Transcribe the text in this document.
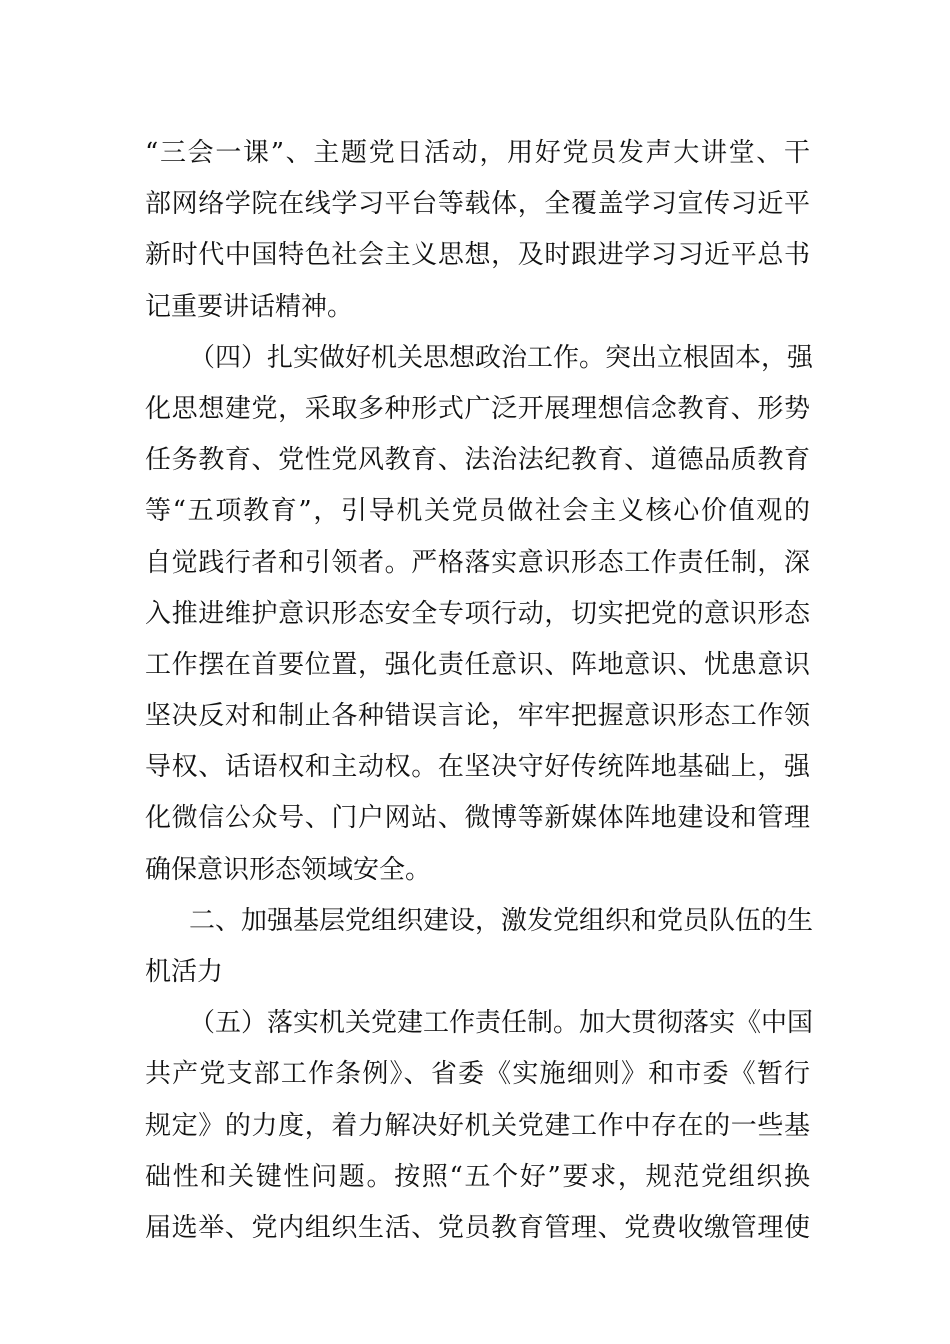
“三会一课”、主题党日活动，用好党员发声大讲堂、干
部网络学院在线学习平台等载体，全覆盖学习宣传习近平
新时代中国特色社会主义思想，及时跟进学习习近平总书
记重要讲话精神。
（四）扎实做好机关思想政治工作。突出立根固本，强
化思想建党，采取多种形式广泛开展理想信念教育、形势
任务教育、党性党风教育、法治法纪教育、道德品质教育
等“五项教育”，引导机关党员做社会主义核心价值观的
自觉践行者和引领者。严格落实意识形态工作责任制，深
入推进维护意识形态安全专项行动，切实把党的意识形态
工作摆在首要位置，强化责任意识、阵地意识、忧患意识
坚决反对和制止各种错误言论，牢牢把握意识形态工作领
导权、话语权和主动权。在坚决守好传统阵地基础上，强
化微信公众号、门户网站、微博等新媒体阵地建设和管理
确保意识形态领域安全。
二、加强基层党组织建设，激发党组织和党员队伍的生
机活力
（五）落实机关党建工作责任制。加大贯彻落实《中国
共产党支部工作条例》、省委《实施细则》和市委《暂行
规定》的力度，着力解决好机关党建工作中存在的一些基
础性和关键性问题。按照“五个好”要求，规范党组织换
届选举、党内组织生活、党员教育管理、党费收缴管理使
